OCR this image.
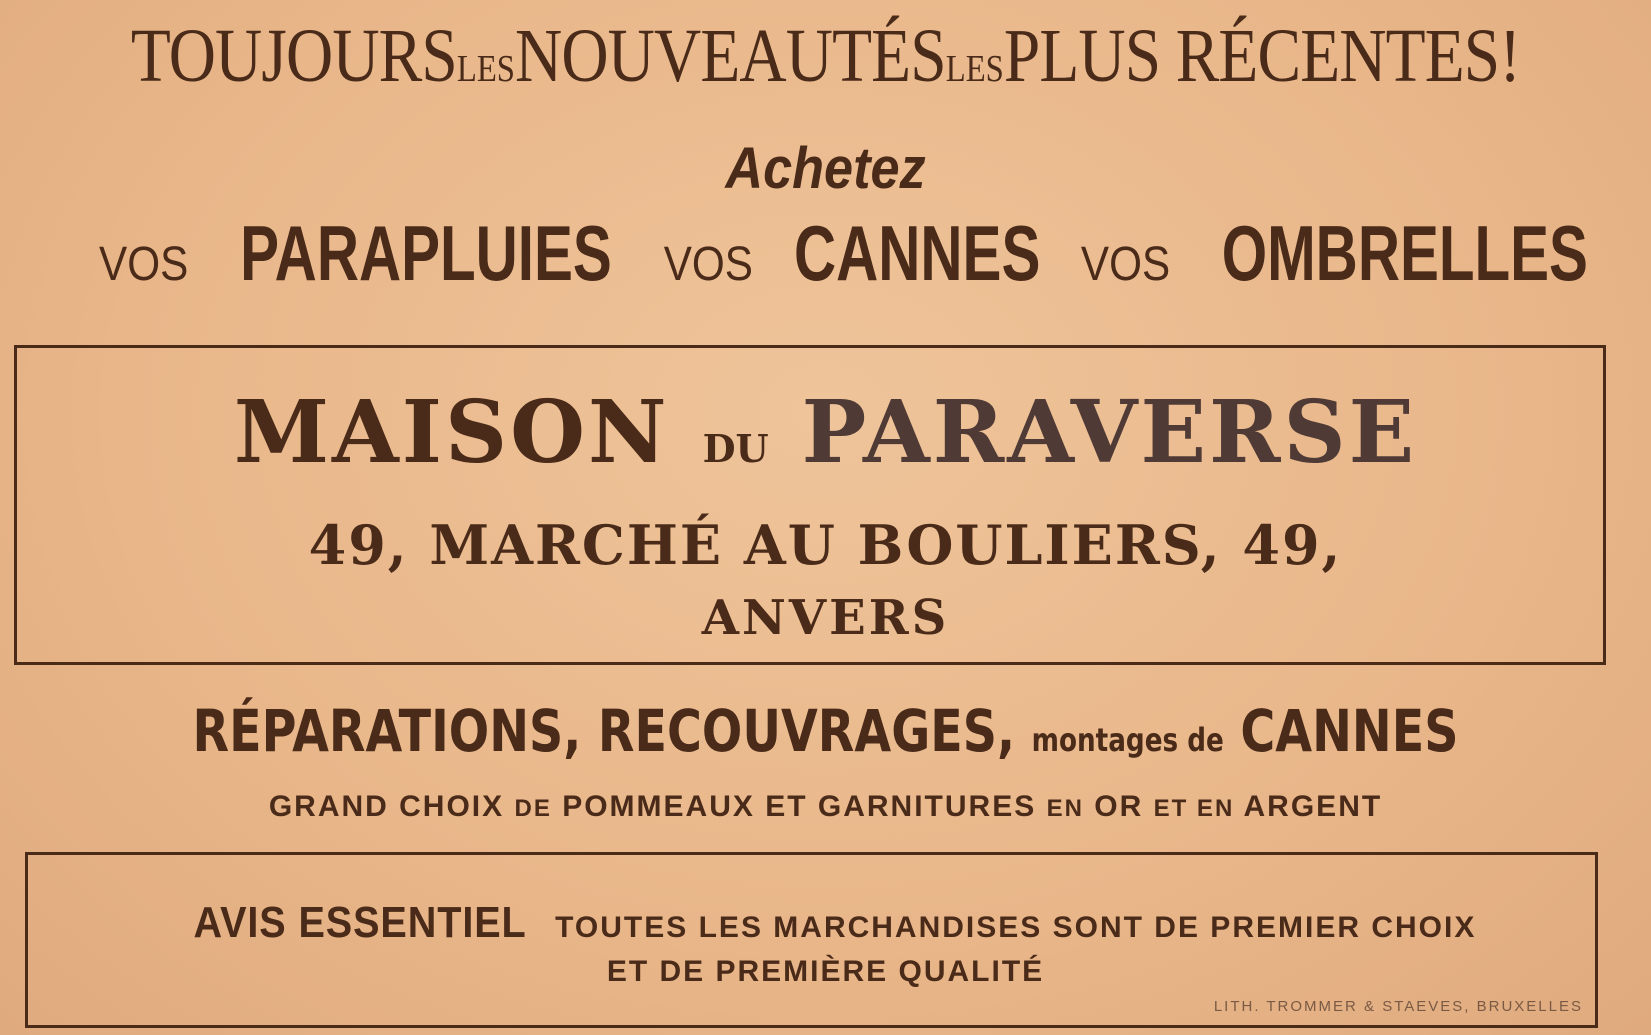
TOUJOURSLESNOUVEAUTÉSLESPLUS RÉCENTES!
Achetez
VOS PARAPLUIES VOS CANNES VOS OMBRELLES
MAISON DU PARAVERSE
49, MARCHÉ AU BOULIERS, 49,
ANVERS
RÉPARATIONS, RECOUVRAGES, montages de CANNES
GRAND CHOIX DE POMMEAUX ET GARNITURES EN OR ET EN ARGENT
AVIS ESSENTIEL TOUTES LES MARCHANDISES SONT DE PREMIER CHOIX
ET DE PREMIÈRE QUALITÉ
LITH. TROMMER & STAEVES, BRUXELLES
